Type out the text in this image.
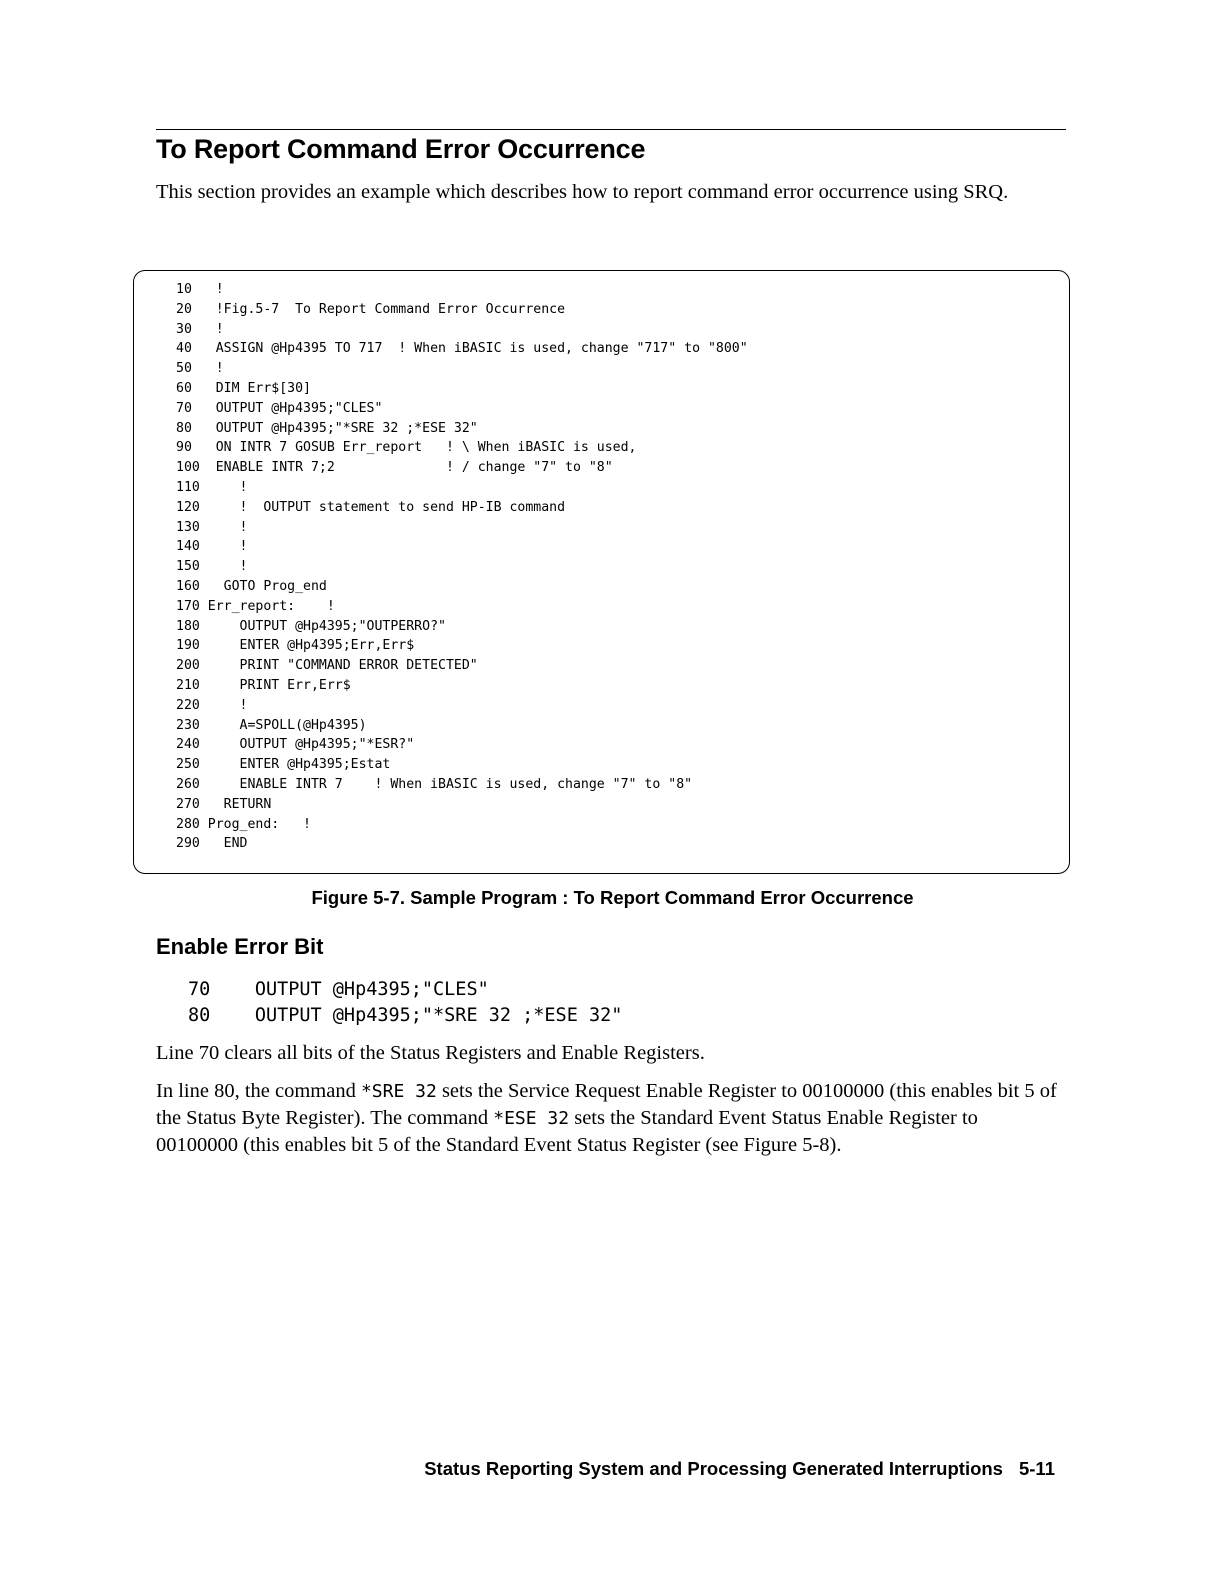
To Report Command Error Occurrence

This section provides an example which describes how to report command error occurrence using SRQ.

10   !
20   !Fig.5-7  To Report Command Error Occurrence
30   !
40   ASSIGN @Hp4395 TO 717  ! When iBASIC is used, change "717" to "800"
50   !
60   DIM Err$[30]
70   OUTPUT @Hp4395;"CLES"
80   OUTPUT @Hp4395;"*SRE 32 ;*ESE 32"
90   ON INTR 7 GOSUB Err_report   ! \ When iBASIC is used,
100  ENABLE INTR 7;2              ! / change "7" to "8"
110     !
120     !  OUTPUT statement to send HP-IB command
130     !
140     !
150     !
160   GOTO Prog_end
170 Err_report:    !
180     OUTPUT @Hp4395;"OUTPERRO?"
190     ENTER @Hp4395;Err,Err$
200     PRINT "COMMAND ERROR DETECTED"
210     PRINT Err,Err$
220     !
230     A=SPOLL(@Hp4395)
240     OUTPUT @Hp4395;"*ESR?"
250     ENTER @Hp4395;Estat
260     ENABLE INTR 7    ! When iBASIC is used, change "7" to "8"
270   RETURN
280 Prog_end:   !
290   END
Figure 5-7. Sample Program : To Report Command Error Occurrence
Enable Error Bit
70    OUTPUT @Hp4395;"CLES"
80    OUTPUT @Hp4395;"*SRE 32 ;*ESE 32"

Line 70 clears all bits of the Status Registers and Enable Registers.

In line 80, the command *SRE 32 sets the Service Request Enable Register to 00100000 (this enables bit 5 of the Status Byte Register). The command *ESE 32 sets the Standard Event Status Enable Register to 00100000 (this enables bit 5 of the Standard Event Status Register (see Figure 5-8).

Status Reporting System and Processing Generated Interruptions 5-11
